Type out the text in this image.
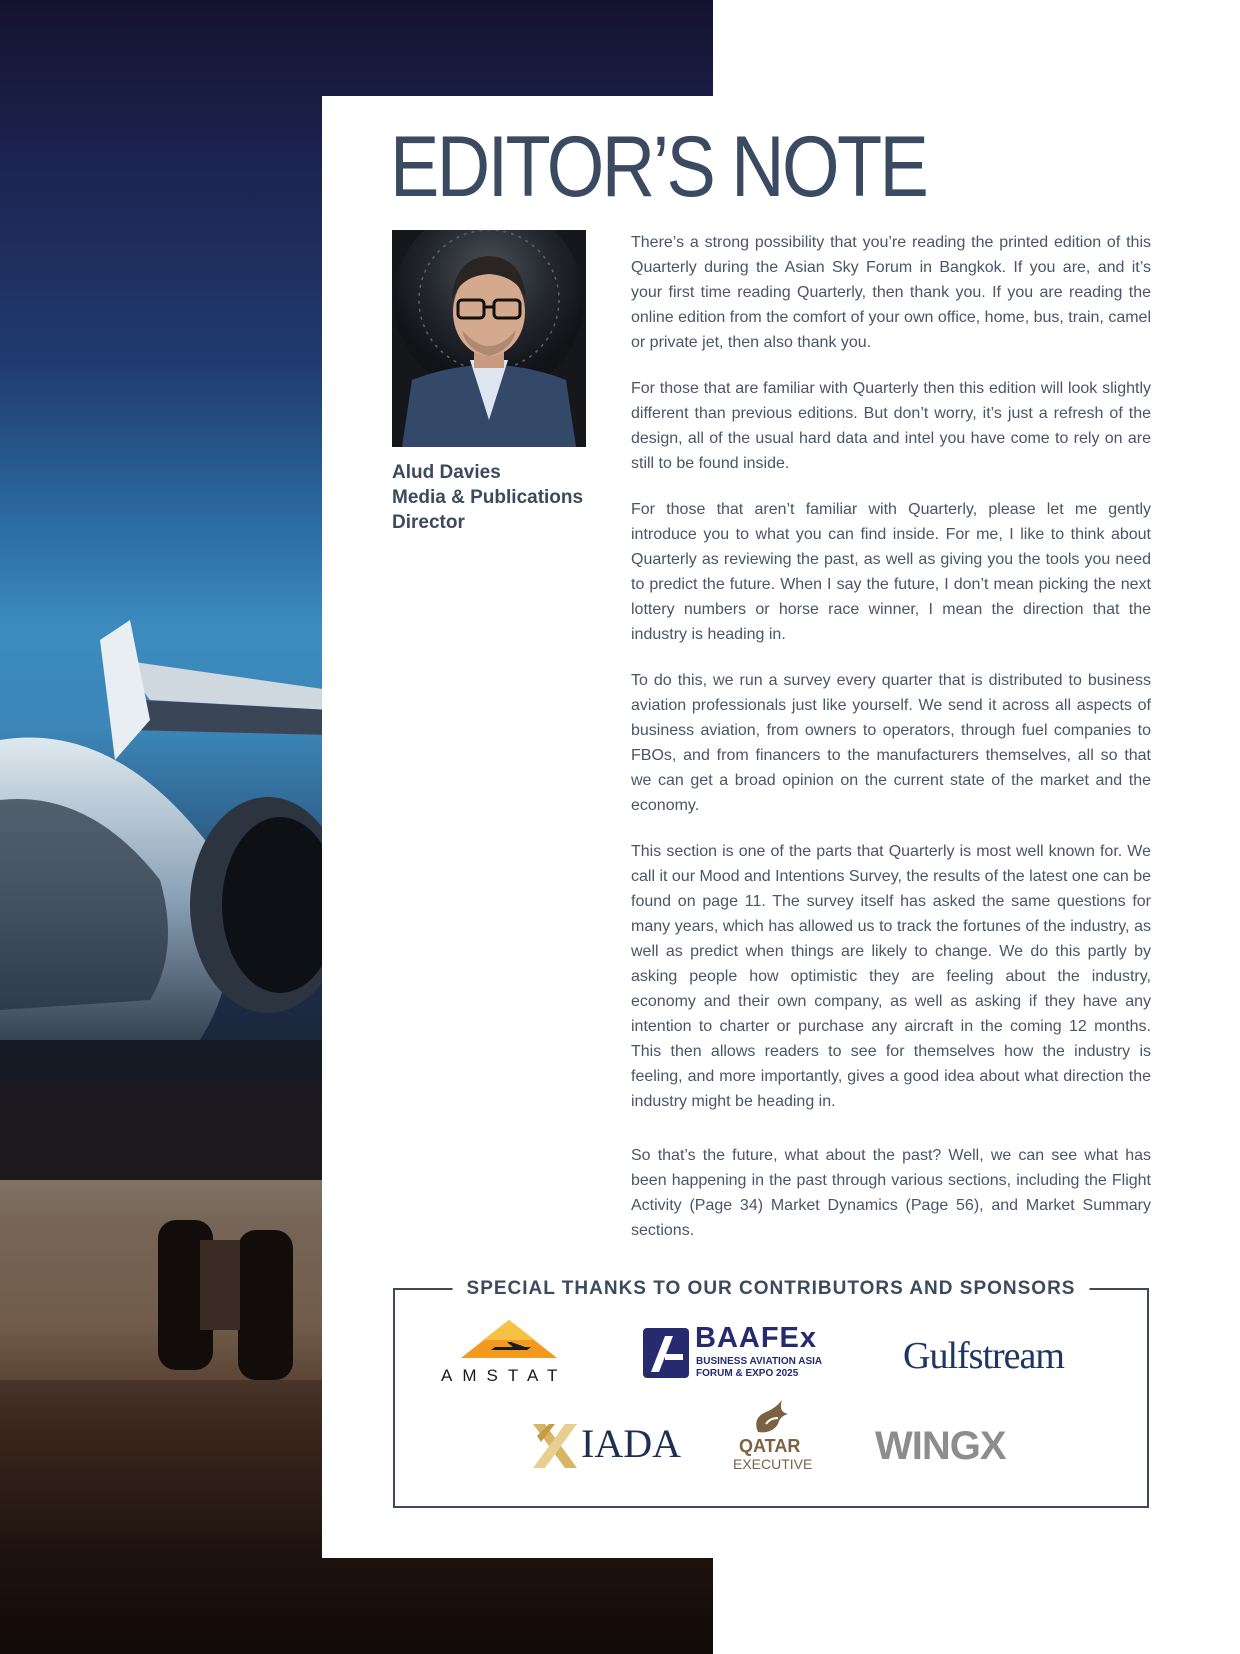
EDITOR’S NOTE
Alud Davies
Media & Publications
Director

There’s a strong possibility that you’re reading the printed edition of this Quarterly during the Asian Sky Forum in Bangkok. If you are, and it’s your first time reading Quarterly, then thank you. If you are reading the online edition from the comfort of your own office, home, bus, train, camel or private jet, then also thank you.

For those that are familiar with Quarterly then this edition will look slightly different than previous editions. But don’t worry, it’s just a refresh of the design, all of the usual hard data and intel you have come to rely on are still to be found inside.

For those that aren’t familiar with Quarterly, please let me gently introduce you to what you can find inside. For me, I like to think about Quarterly as reviewing the past, as well as giving you the tools you need to predict the future. When I say the future, I don’t mean picking the next lottery numbers or horse race winner, I mean the direction that the industry is heading in.

To do this, we run a survey every quarter that is distributed to business aviation professionals just like yourself. We send it across all aspects of business aviation, from owners to operators, through fuel companies to FBOs, and from financers to the manufacturers themselves, all so that we can get a broad opinion on the current state of the market and the economy.

This section is one of the parts that Quarterly is most well known for. We call it our Mood and Intentions Survey, the results of the latest one can be found on page 11. The survey itself has asked the same questions for many years, which has allowed us to track the fortunes of the industry, as well as predict when things are likely to change. We do this partly by asking people how optimistic they are feeling about the industry, economy and their own company, as well as asking if they have any intention to charter or purchase any aircraft in the coming 12 months. This then allows readers to see for themselves how the industry is feeling, and more importantly, gives a good idea about what direction the industry might be heading in.

So that’s the future, what about the past? Well, we can see what has been happening in the past through various sections, including the Flight Activity (Page 34) Market Dynamics (Page 56), and Market Summary sections.

SPECIAL THANKS TO OUR CONTRIBUTORS AND SPONSORS
AMSTAT
BAAFEx
BUSINESS AVIATION ASIA
FORUM & EXPO 2025	Gulfstream
IADA	QATAR
EXECUTIVE WINGX
